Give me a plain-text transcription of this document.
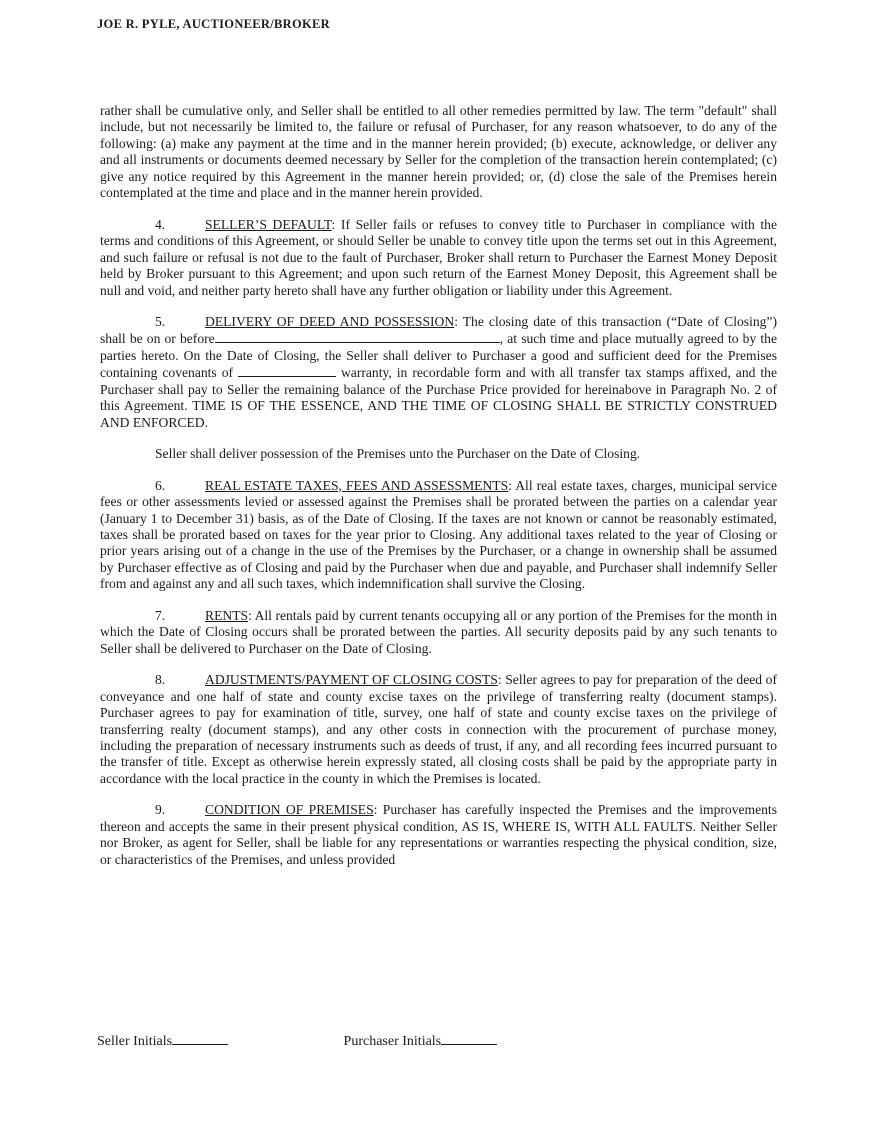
JOE R. PYLE, AUCTIONEER/BROKER

rather shall be cumulative only, and Seller shall be entitled to all other remedies permitted by law. The term "default" shall include, but not necessarily be limited to, the failure or refusal of Purchaser, for any reason whatsoever, to do any of the following: (a) make any payment at the time and in the manner herein provided; (b) execute, acknowledge, or deliver any and all instruments or documents deemed necessary by Seller for the completion of the transaction herein contemplated; (c) give any notice required by this Agreement in the manner herein provided; or, (d) close the sale of the Premises herein contemplated at the time and place and in the manner herein provided.

4.	SELLER’S DEFAULT: If Seller fails or refuses to convey title to Purchaser in compliance with the terms and conditions of this Agreement, or should Seller be unable to convey title upon the terms set out in this Agreement, and such failure or refusal is not due to the fault of Purchaser, Broker shall return to Purchaser the Earnest Money Deposit held by Broker pursuant to this Agreement; and upon such return of the Earnest Money Deposit, this Agreement shall be null and void, and neither party hereto shall have any further obligation or liability under this Agreement.

5.	DELIVERY OF DEED AND POSSESSION: The closing date of this transaction (“Date of Closing”) shall be on or before	, at such time and place mutually agreed to by the parties hereto. On the Date of Closing, the Seller shall deliver to Purchaser a good and sufficient deed for the Premises containing covenants of	warranty, in recordable form and with all transfer tax stamps affixed, and the Purchaser shall pay to Seller the remaining balance of the Purchase Price provided for hereinabove in Paragraph No. 2 of this Agreement. TIME IS OF THE ESSENCE, AND THE TIME OF CLOSING SHALL BE STRICTLY CONSTRUED AND ENFORCED.

Seller shall deliver possession of the Premises unto the Purchaser on the Date of Closing.

6.	REAL ESTATE TAXES, FEES AND ASSESSMENTS: All real estate taxes, charges, municipal service fees or other assessments levied or assessed against the Premises shall be prorated between the parties on a calendar year (January 1 to December 31) basis, as of the Date of Closing. If the taxes are not known or cannot be reasonably estimated, taxes shall be prorated based on taxes for the year prior to Closing. Any additional taxes related to the year of Closing or prior years arising out of a change in the use of the Premises by the Purchaser, or a change in ownership shall be assumed by Purchaser effective as of Closing and paid by the Purchaser when due and payable, and Purchaser shall indemnify Seller from and against any and all such taxes, which indemnification shall survive the Closing.

7.	RENTS: All rentals paid by current tenants occupying all or any portion of the Premises for the month in which the Date of Closing occurs shall be prorated between the parties. All security deposits paid by any such tenants to Seller shall be delivered to Purchaser on the Date of Closing.

8.	ADJUSTMENTS/PAYMENT OF CLOSING COSTS: Seller agrees to pay for preparation of the deed of conveyance and one half of state and county excise taxes on the privilege of transferring realty (document stamps). Purchaser agrees to pay for examination of title, survey, one half of state and county excise taxes on the privilege of transferring realty (document stamps), and any other costs in connection with the procurement of purchase money, including the preparation of necessary instruments such as deeds of trust, if any, and all recording fees incurred pursuant to the transfer of title. Except as otherwise herein expressly stated, all closing costs shall be paid by the appropriate party in accordance with the local practice in the county in which the Premises is located.

9.	CONDITION OF PREMISES: Purchaser has carefully inspected the Premises and the improvements thereon and accepts the same in their present physical condition, AS IS, WHERE IS, WITH ALL FAULTS. Neither Seller nor Broker, as agent for Seller, shall be liable for any representations or warranties respecting the physical condition, size, or characteristics of the Premises, and unless provided

Seller Initials	Purchaser Initials
